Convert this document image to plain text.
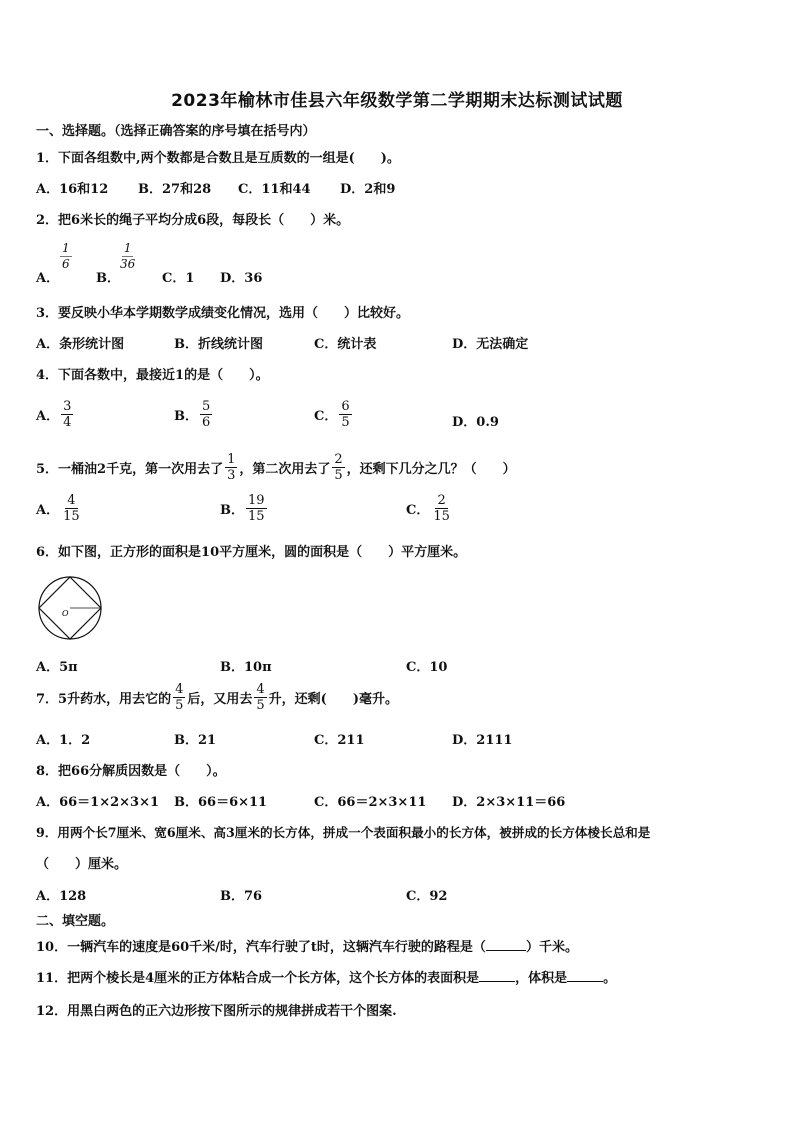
2023年榆林市佳县六年级数学第二学期期末达标测试试题
一、选择题。（选择正确答案的序号填在括号内）
1．下面各组数中,两个数都是合数且是互质数的一组是(　　)。
A．16和12 B．27和28 C．11和44 D．2和9
2．把6米长的绳子平均分成6段，每段长（　　）米。
A．
$\frac{1}{6}$
B．
$\frac{1}{36}$
C．1 D．36
3．要反映小华本学期数学成绩变化情况，选用（　　）比较好。
A．条形统计图	B．折线统计图	C．统计表	D．无法确定
4．下面各数中，最接近1的是（　　）。
A． $\frac{3}{4}$	B． $\frac{5}{6}$	C． $\frac{6}{5}$	D．0.9
5．一桶油2千克，第一次用去了 $\frac{1}{3}$ ，第二次用去了 $\frac{2}{5}$ ，还剩下几分之几？（　　）
A． $\frac{4}{15}$	B． $\frac{19}{15}$	C． $\frac{2}{15}$
6．如下图，正方形的面积是10平方厘米，圆的面积是（　　）平方厘米。
O
A．5π	B．10π	C．10
7．5升药水，用去它的 $\frac{4}{5}$ 后，又用去 $\frac{4}{5}$ 升，还剩(　　)毫升。
A．1．2	B．21	C．211	D．2111
8．把66分解质因数是（　　）。
A．66＝1×2×3×1 B．66＝6×11	C．66＝2×3×11 D．2×3×11＝66
9．用两个长7厘米、宽6厘米、高3厘米的长方体，拼成一个表面积最小的长方体，被拼成的长方体棱长总和是
（　　）厘米。
A．128	B．76	C．92
二、填空题。
10．一辆汽车的速度是60千米/时，汽车行驶了t时，这辆汽车行驶的路程是（	）千米。
11．把两个棱长是4厘米的正方体粘合成一个长方体，这个长方体的表面积是	，体积是	。
12．用黑白两色的正六边形按下图所示的规律拼成若干个图案.
